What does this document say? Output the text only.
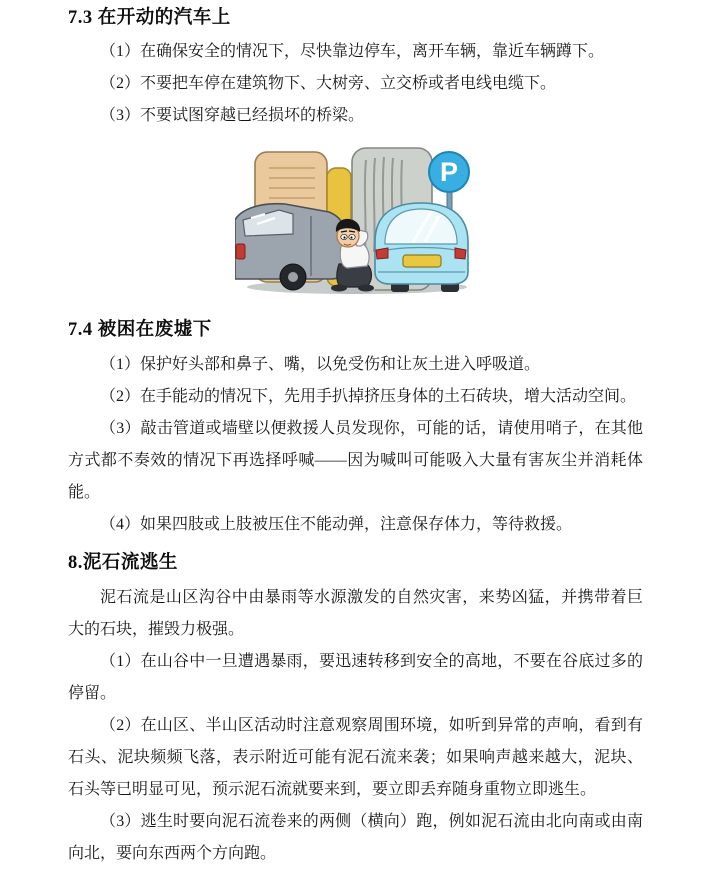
7.3 在开动的汽车上

（1）在确保安全的情况下，尽快靠边停车，离开车辆，靠近车辆蹲下。

（2）不要把车停在建筑物下、大树旁、立交桥或者电线电缆下。

（3）不要试图穿越已经损坏的桥梁。

P
7.4 被困在废墟下

（1）保护好头部和鼻子、嘴，以免受伤和让灰土进入呼吸道。

（2）在手能动的情况下，先用手扒掉挤压身体的土石砖块，增大活动空间。

（3）敲击管道或墙壁以便救援人员发现你，可能的话，请使用哨子，在其他方式都不奏效的情况下再选择呼喊——因为喊叫可能吸入大量有害灰尘并消耗体能。

（4）如果四肢或上肢被压住不能动弹，注意保存体力，等待救援。

8.泥石流逃生

泥石流是山区沟谷中由暴雨等水源激发的自然灾害，来势凶猛，并携带着巨大的石块，摧毁力极强。

（1）在山谷中一旦遭遇暴雨，要迅速转移到安全的高地，不要在谷底过多的停留。

（2）在山区、半山区活动时注意观察周围环境，如听到异常的声响，看到有石头、泥块频频飞落，表示附近可能有泥石流来袭；如果响声越来越大，泥块、石头等已明显可见，预示泥石流就要来到，要立即丢弃随身重物立即逃生。

（3）逃生时要向泥石流卷来的两侧（横向）跑，例如泥石流由北向南或由南向北，要向东西两个方向跑。
